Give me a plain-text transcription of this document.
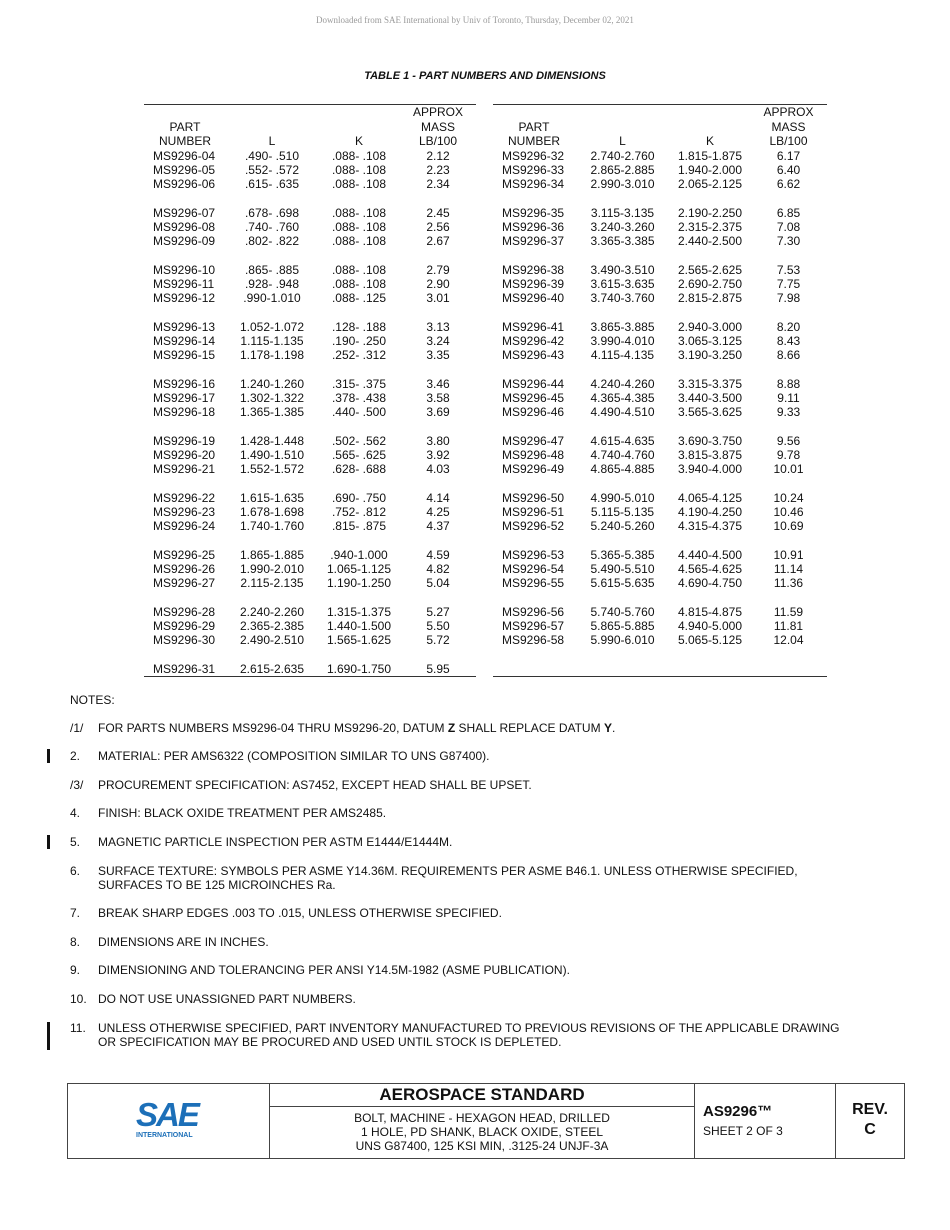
Downloaded from SAE International by Univ of Toronto, Thursday, December 02, 2021
TABLE 1 - PART NUMBERS AND DIMENSIONS

PART
NUMBER	L	K	APPROX
MASS
LB/100
MS9296-04	.490- .510	.088- .108	2.12
MS9296-05	.552- .572	.088- .108	2.23
MS9296-06	.615- .635	.088- .108	2.34

MS9296-07	.678- .698	.088- .108	2.45
MS9296-08	.740- .760	.088- .108	2.56
MS9296-09	.802- .822	.088- .108	2.67

MS9296-10	.865- .885	.088- .108	2.79
MS9296-11	.928- .948	.088- .108	2.90
MS9296-12	.990-1.010	.088- .125	3.01

MS9296-13	1.052-1.072	.128- .188	3.13
MS9296-14	1.115-1.135	.190- .250	3.24
MS9296-15	1.178-1.198	.252- .312	3.35

MS9296-16	1.240-1.260	.315- .375	3.46
MS9296-17	1.302-1.322	.378- .438	3.58
MS9296-18	1.365-1.385	.440- .500	3.69

MS9296-19	1.428-1.448	.502- .562	3.80
MS9296-20	1.490-1.510	.565- .625	3.92
MS9296-21	1.552-1.572	.628- .688	4.03

MS9296-22	1.615-1.635	.690- .750	4.14
MS9296-23	1.678-1.698	.752- .812	4.25
MS9296-24	1.740-1.760	.815- .875	4.37

MS9296-25	1.865-1.885	.940-1.000	4.59
MS9296-26	1.990-2.010	1.065-1.125	4.82
MS9296-27	2.115-2.135	1.190-1.250	5.04

MS9296-28	2.240-2.260	1.315-1.375	5.27
MS9296-29	2.365-2.385	1.440-1.500	5.50
MS9296-30	2.490-2.510	1.565-1.625	5.72

MS9296-31	2.615-2.635	1.690-1.750	5.95

PART
NUMBER	L	K	APPROX
MASS
LB/100
MS9296-32	2.740-2.760	1.815-1.875	6.17
MS9296-33	2.865-2.885	1.940-2.000	6.40
MS9296-34	2.990-3.010	2.065-2.125	6.62

MS9296-35	3.115-3.135	2.190-2.250	6.85
MS9296-36	3.240-3.260	2.315-2.375	7.08
MS9296-37	3.365-3.385	2.440-2.500	7.30

MS9296-38	3.490-3.510	2.565-2.625	7.53
MS9296-39	3.615-3.635	2.690-2.750	7.75
MS9296-40	3.740-3.760	2.815-2.875	7.98

MS9296-41	3.865-3.885	2.940-3.000	8.20
MS9296-42	3.990-4.010	3.065-3.125	8.43
MS9296-43	4.115-4.135	3.190-3.250	8.66

MS9296-44	4.240-4.260	3.315-3.375	8.88
MS9296-45	4.365-4.385	3.440-3.500	9.11
MS9296-46	4.490-4.510	3.565-3.625	9.33

MS9296-47	4.615-4.635	3.690-3.750	9.56
MS9296-48	4.740-4.760	3.815-3.875	9.78
MS9296-49	4.865-4.885	3.940-4.000	10.01

MS9296-50	4.990-5.010	4.065-4.125	10.24
MS9296-51	5.115-5.135	4.190-4.250	10.46
MS9296-52	5.240-5.260	4.315-4.375	10.69

MS9296-53	5.365-5.385	4.440-4.500	10.91
MS9296-54	5.490-5.510	4.565-4.625	11.14
MS9296-55	5.615-5.635	4.690-4.750	11.36

MS9296-56	5.740-5.760	4.815-4.875	11.59
MS9296-57	5.865-5.885	4.940-5.000	11.81
MS9296-58	5.990-6.010	5.065-5.125	12.04

NOTES:
/1/ FOR PARTS NUMBERS MS9296-04 THRU MS9296-20, DATUM Z SHALL REPLACE DATUM Y.
2. MATERIAL: PER AMS6322 (COMPOSITION SIMILAR TO UNS G87400).
/3/ PROCUREMENT SPECIFICATION: AS7452, EXCEPT HEAD SHALL BE UPSET.
4. FINISH: BLACK OXIDE TREATMENT PER AMS2485.
5. MAGNETIC PARTICLE INSPECTION PER ASTM E1444/E1444M.
6. SURFACE TEXTURE: SYMBOLS PER ASME Y14.36M. REQUIREMENTS PER ASME B46.1. UNLESS OTHERWISE SPECIFIED,
SURFACES TO BE 125 MICROINCHES Ra.
7. BREAK SHARP EDGES .003 TO .015, UNLESS OTHERWISE SPECIFIED.
8. DIMENSIONS ARE IN INCHES.
9. DIMENSIONING AND TOLERANCING PER ANSI Y14.5M-1982 (ASME PUBLICATION).
10. DO NOT USE UNASSIGNED PART NUMBERS.
11. UNLESS OTHERWISE SPECIFIED, PART INVENTORY MANUFACTURED TO PREVIOUS REVISIONS OF THE APPLICABLE DRAWING
OR SPECIFICATION MAY BE PROCURED AND USED UNTIL STOCK IS DEPLETED.
SAE
INTERNATIONAL
AEROSPACE STANDARD
BOLT, MACHINE - HEXAGON HEAD, DRILLED
1 HOLE, PD SHANK, BLACK OXIDE, STEEL
UNS G87400, 125 KSI MIN, .3125-24 UNJF-3A
AS9296™
SHEET 2 OF 3
REV.
C
